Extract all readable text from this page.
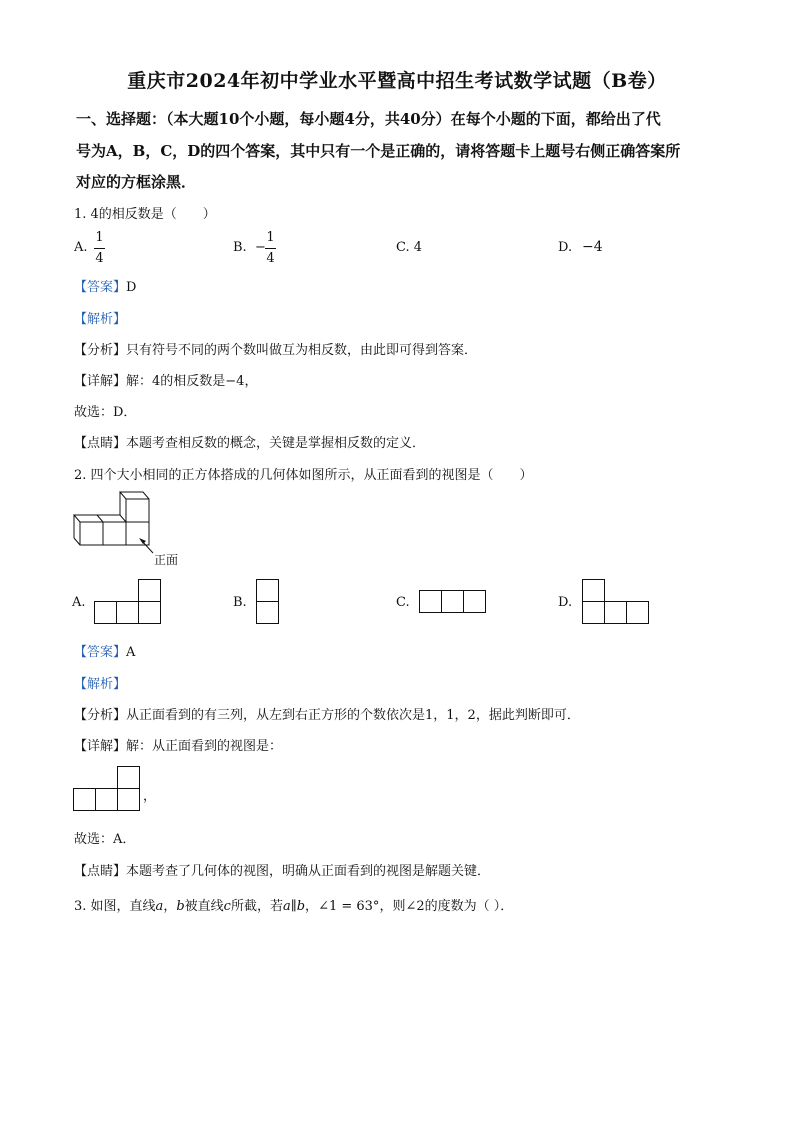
重庆市2024年初中学业水平暨高中招生考试数学试题（B卷）
一、选择题：（本大题10个小题，每小题4分，共40分）在每个小题的下面，都给出了代
号为A，B，C，D的四个答案，其中只有一个是正确的，请将答题卡上题号右侧正确答案所
对应的方框涂黑．
1. 4的相反数是（　　）
A.
1
4
B. −
1
4
C. 4	D. −4
【答案】D
【解析】
【分析】只有符号不同的两个数叫做互为相反数，由此即可得到答案．
【详解】解：4的相反数是−4，
故选：D．
【点睛】本题考查相反数的概念，关键是掌握相反数的定义．
2. 四个大小相同的正方体搭成的几何体如图所示，从正面看到的视图是（　　）
正面
A.	B.	C.	D.
【答案】A
【解析】
【分析】从正面看到的有三列，从左到右正方形的个数依次是1，1，2，据此判断即可．
【详解】解：从正面看到的视图是：
，
故选：A．
【点睛】本题考查了几何体的视图，明确从正面看到的视图是解题关键．
3. 如图，直线a，b被直线c所截，若a∥b，∠1 = 63°，则∠2的度数为（ ）．
